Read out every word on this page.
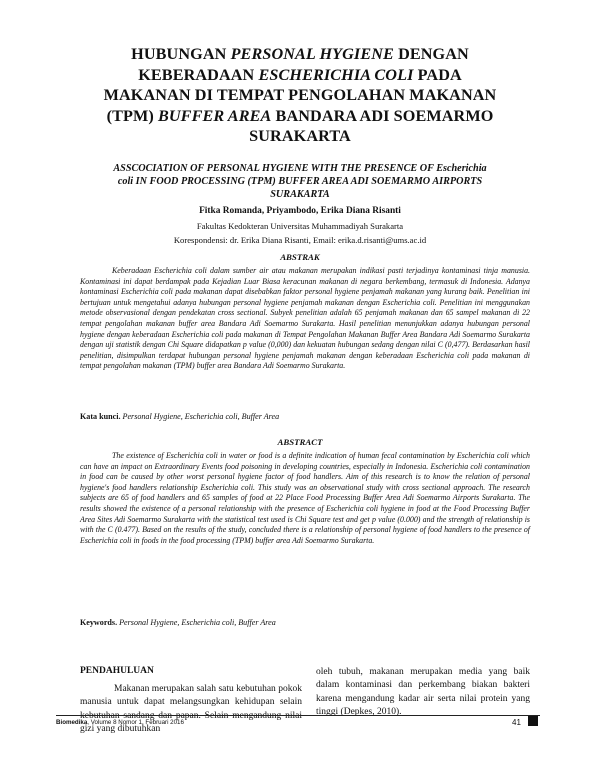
HUBUNGAN PERSONAL HYGIENE DENGAN
KEBERADAAN ESCHERICHIA COLI PADA
MAKANAN DI TEMPAT PENGOLAHAN MAKANAN
(TPM) BUFFER AREA BANDARA ADI SOEMARMO
SURAKARTA
ASSCOCIATION OF PERSONAL HYGIENE WITH THE PRESENCE OF Escherichia
coli IN FOOD PROCESSING (TPM) BUFFER AREA ADI SOEMARMO AIRPORTS
SURAKARTA
Fitka Romanda, Priyambodo, Erika Diana Risanti
Fakultas Kedokteran Universitas Muhammadiyah Surakarta
Korespondensi: dr. Erika Diana Risanti, Email: erika.d.risanti@ums.ac.id
ABSTRAK
Keberadaan Escherichia coli dalam sumber air atau makanan merupakan indikasi pasti terjadinya kontaminasi tinja manusia. Kontaminasi ini dapat berdampak pada Kejadian Luar Biasa keracunan makanan di negara berkembang, termasuk di Indonesia. Adanya kontaminasi Escherichia coli pada makanan dapat disebabkan faktor personal hygiene penjamah makanan yang kurang baik. Penelitian ini bertujuan untuk mengetahui adanya hubungan personal hygiene penjamah makanan dengan Escherichia coli. Penelitian ini menggunakan metode observasional dengan pendekatan cross sectional. Subyek penelitian adalah 65 penjamah makanan dan 65 sampel makanan di 22 tempat pengolahan makanan buffer area Bandara Adi Soemarmo Surakarta. Hasil penelitian menunjukkan adanya hubungan personal hygiene dengan keberadaan Escherichia coli pada makanan di Tempat Pengolahan Makanan Buffer Area Bandara Adi Soemarmo Surakarta dengan uji statistik dengan Chi Square didapatkan p value (0,000) dan kekuatan hubungan sedang dengan nilai C (0,477). Berdasarkan hasil penelitian, disimpulkan terdapat hubungan personal hygiene penjamah makanan dengan keberadaan Escherichia coli pada makanan di tempat pengolahan makanan (TPM) buffer area Bandara Adi Soemarmo Surakarta.
Kata kunci. Personal Hygiene, Escherichia coli, Buffer Area
ABSTRACT
The existence of Escherichia coli in water or food is a definite indication of human fecal contamination by Escherichia coli which can have an impact on Extraordinary Events food poisoning in developing countries, especially in Indonesia. Escherichia coli contamination in food can be caused by other worst personal hygiene factor of food handlers. Aim of this research is to know the relation of personal hygiene's food handlers relationship Escherichia coli. This study was an observational study with cross sectional approach. The research subjects are 65 of food handlers and 65 samples of food at 22 Place Food Processing Buffer Area Adi Soemarmo Airports Surakarta. The results showed the existence of a personal relationship with the presence of Escherichia coli hygiene in food at the Food Processing Buffer Area Sites Adi Soemarmo Surakarta with the statistical test used is Chi Square test and get p value (0.000) and the strength of relationship is with the C (0.477). Based on the results of the study, concluded there is a relationship of personal hygiene of food handlers to the presence of Escherichia coli in foods in the food processing (TPM) buffer area Adi Soemarmo Surakarta.
Keywords. Personal Hygiene, Escherichia coli, Buffer Area
PENDAHULUAN

Makanan merupakan salah satu kebutuhan pokok manusia untuk dapat melangsungkan kehidupan selain kebutuhan sandang dan papan. Selain mengandung nilai gizi yang dibutuhkan

oleh tubuh, makanan merupakan media yang baik dalam kontaminasi dan perkembang biakan bakteri karena mengandung kadar air serta nilai protein yang tinggi (Depkes, 2010).

Biomedika, Volume 8 Nomor 1, Februari 2016	41
